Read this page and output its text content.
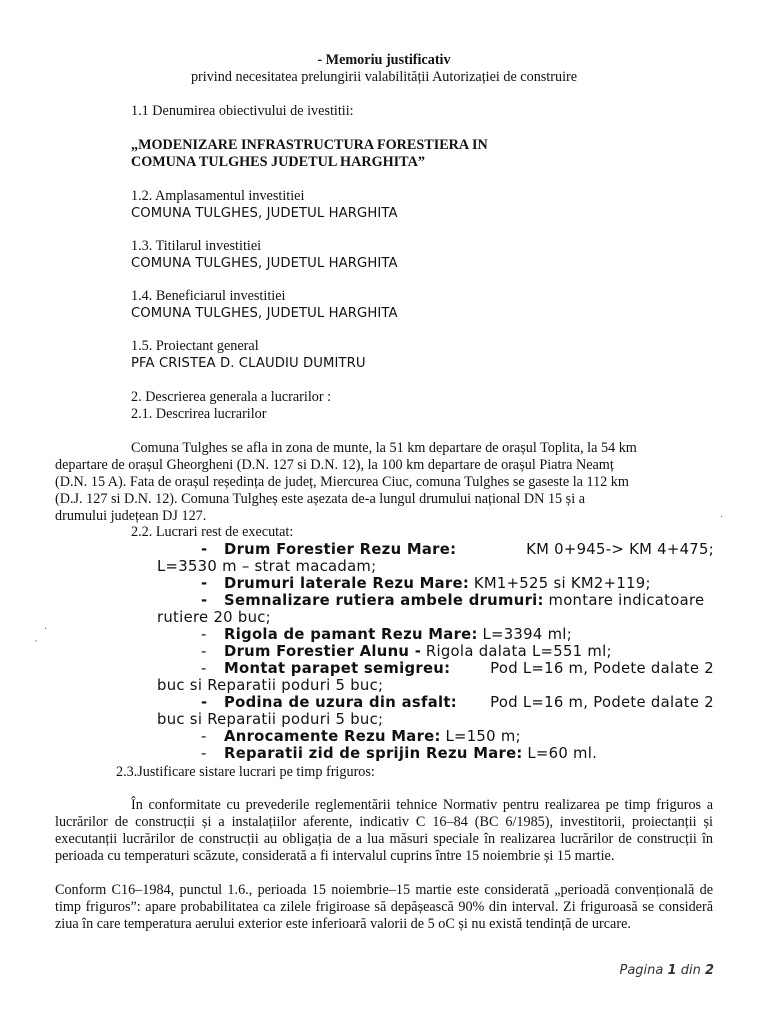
- Memoriu justificativ
privind necesitatea prelungirii valabilității Autorizației de construire
1.1 Denumirea obiectivului de ivestitii:
„MODENIZARE INFRASTRUCTURA FORESTIERA IN
COMUNA TULGHES JUDETUL HARGHITA”
1.2. Amplasamentul investitiei
COMUNA TULGHES, JUDETUL HARGHITA
1.3. Titilarul investitiei
COMUNA TULGHES, JUDETUL HARGHITA
1.4. Beneficiarul investitiei
COMUNA TULGHES, JUDETUL HARGHITA
1.5. Proiectant general
PFA CRISTEA D. CLAUDIU DUMITRU
2. Descrierea generala a lucrarilor :
2.1. Descrirea lucrarilor
Comuna Tulghes se afla in zona de munte, la 51 km departare de orașul Toplita, la 54 km
departare de orașul Gheorgheni (D.N. 127 si D.N. 12), la 100 km departare de orașul Piatra Neamț
(D.N. 15 A). Fata de orașul reședința de județ, Miercurea Ciuc, comuna Tulghes se gaseste la 112 km
(D.J. 127 si D.N. 12). Comuna Tulgheș este așezata de-a lungul drumului național DN 15 și a
drumului județean DJ 127.
2.2. Lucrari rest de executat:
- Drum Forestier Rezu Mare:	KM 0+945-> KM 4+475;
L=3530 m – strat macadam;
- Drumuri laterale Rezu Mare: KM1+525 si KM2+119;
- Semnalizare rutiera ambele drumuri: montare indicatoare
rutiere 20 buc;
- Rigola de pamant Rezu Mare: L=3394 ml;
- Drum Forestier Alunu - Rigola dalata L=551 ml;
- Montat parapet semigreu:	Pod L=16 m, Podete dalate 2
buc si Reparatii poduri 5 buc;
- Podina de uzura din asfalt: Pod L=16 m, Podete dalate 2
buc si Reparatii poduri 5 buc;
- Anrocamente Rezu Mare: L=150 m;
- Reparatii zid de sprijin Rezu Mare: L=60 ml.
2.3.Justificare sistare lucrari pe timp friguros:
În conformitate cu prevederile reglementării tehnice Normativ pentru realizarea pe timp friguros a lucrărilor de construcții și a instalațiilor aferente, indicativ C 16–84 (BC 6/1985), investitorii, proiectanții și executanții lucrărilor de construcții au obligația de a lua măsuri speciale în realizarea lucrărilor de construcții în perioada cu temperaturi scăzute, considerată a fi intervalul cuprins între 15 noiembrie și 15 martie.
Conform C16–1984, punctul 1.6., perioada 15 noiembrie–15 martie este considerată „perioadă convențională de timp friguros”: apare probabilitatea ca zilele frigiroase să depășească 90% din interval. Zi friguroasă se consideră ziua în care temperatura aerului exterior este inferioară valorii de 5 oC și nu există tendință de urcare.
Pagina 1 din 2
·
`
·
